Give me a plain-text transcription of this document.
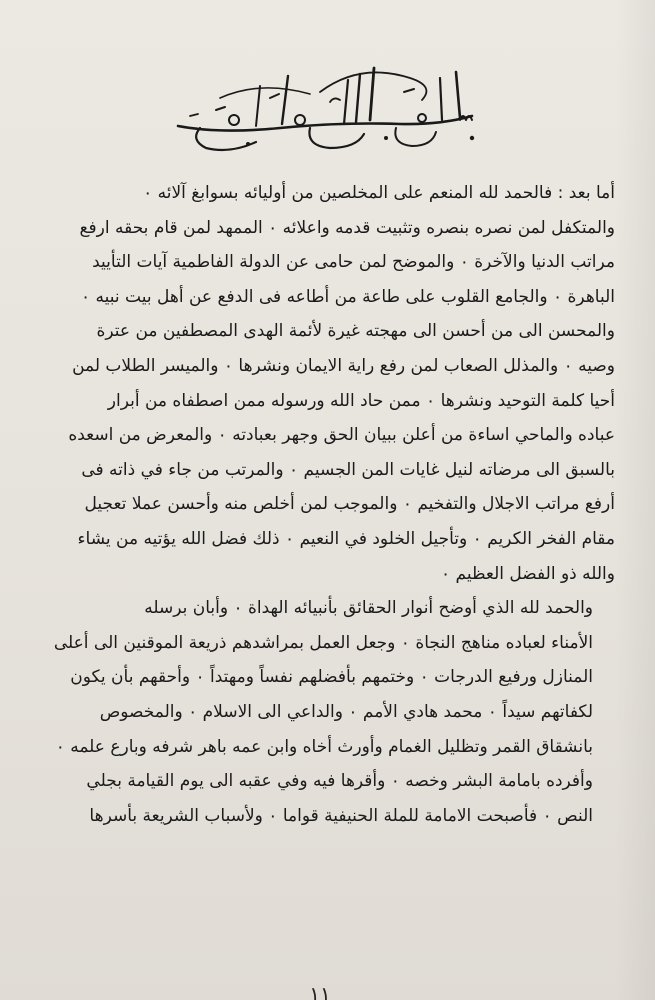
أما بعد : فالحمد لله المنعم على المخلصين من أوليائه بسوابغ آلائه ٠
والمتكفل لمن نصره بنصره وتثبيت قدمه واعلائه ٠ الممهد لمن قام بحقه ارفع
مراتب الدنيا والآخرة ٠ والموضح لمن حامى عن الدولة الفاطمية آيات التأييد
الباهرة ٠ والجامع القلوب على طاعة من أطاعه فى الدفع عن أهل بيت نبيه ٠
والمحسن الى من أحسن الى مهجته غيرة لأئمة الهدى المصطفين من عترة
وصيه ٠ والمذلل الصعاب لمن رفع راية الايمان ونشرها ٠ والميسر الطلاب لمن
أحيا كلمة التوحيد ونشرها ٠ ممن حاد الله ورسوله ممن اصطفاه من أبرار
عباده والماحي اساءة من أعلن ببيان الحق وجهر بعبادته ٠ والمعرض من اسعده
بالسبق الى مرضاته لنيل غايات المن الجسيم ٠ والمرتب من جاء في ذاته فى
أرفع مراتب الاجلال والتفخيم ٠ والموجب لمن أخلص منه وأحسن عملا تعجيل
مقام الفخر الكريم ٠ وتأجيل الخلود في النعيم ٠ ذلك فضل الله يؤتيه من يشاء
والله ذو الفضل العظيم ٠

والحمد لله الذي أوضح أنوار الحقائق بأنبيائه الهداة ٠ وأبان برسله
الأمناء لعباده مناهج النجاة ٠ وجعل العمل بمراشدهم ذريعة الموقنين الى أعلى
المنازل ورفيع الدرجات ٠ وختمهم بأفضلهم نفساً ومهتداً ٠ وأحقهم بأن يكون
لكفاتهم سيداً ٠ محمد هادي الأمم ٠ والداعي الى الاسلام ٠ والمخصوص
بانشقاق القمر وتظليل الغمام وأورث أخاه وابن عمه باهر شرفه وبارع علمه ٠
وأفرده بامامة البشر وخصه ٠ وأقرها فيه وفي عقبه الى يوم القيامة بجلي
النص ٠ فأصبحت الامامة للملة الحنيفية قواما ٠ ولأسباب الشريعة بأسرها

١١
